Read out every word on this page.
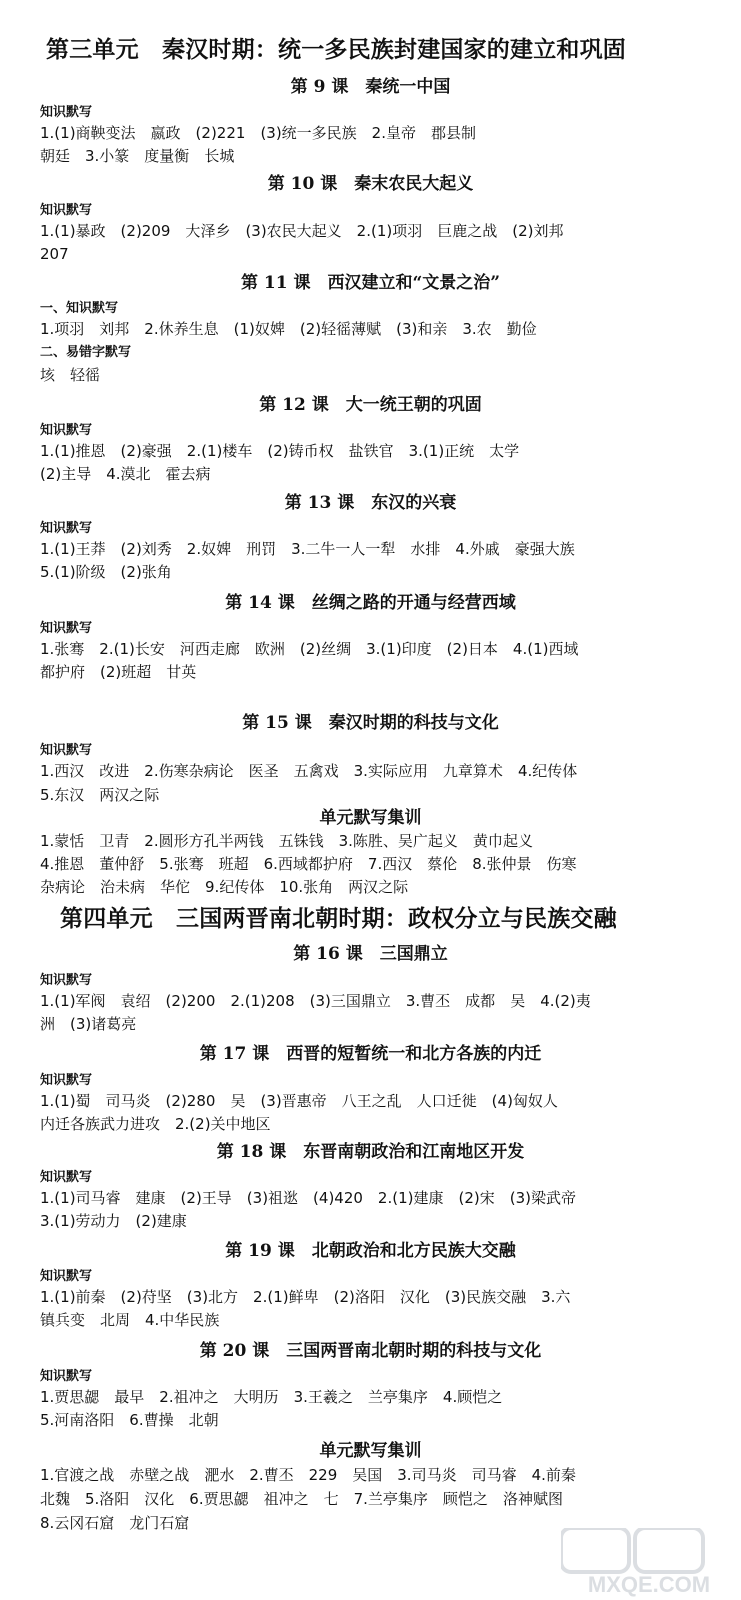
第三单元　秦汉时期：统一多民族封建国家的建立和巩固
第 9 课　秦统一中国
知识默写
1.(1)商鞅变法　嬴政　(2)221　(3)统一多民族　2.皇帝　郡县制
朝廷　3.小篆　度量衡　长城
第 10 课　秦末农民大起义
知识默写
1.(1)暴政　(2)209　大泽乡　(3)农民大起义　2.(1)项羽　巨鹿之战　(2)刘邦
207
第 11 课　西汉建立和“文景之治”
一、知识默写
1.项羽　刘邦　2.休养生息　(1)奴婢　(2)轻徭薄赋　(3)和亲　3.农　勤俭
二、易错字默写
垓　轻徭
第 12 课　大一统王朝的巩固
知识默写
1.(1)推恩　(2)豪强　2.(1)楼车　(2)铸币权　盐铁官　3.(1)正统　太学
(2)主导　4.漠北　霍去病
第 13 课　东汉的兴衰
知识默写
1.(1)王莽　(2)刘秀　2.奴婢　刑罚　3.二牛一人一犁　水排　4.外戚　豪强大族
5.(1)阶级　(2)张角
第 14 课　丝绸之路的开通与经营西域
知识默写
1.张骞　2.(1)长安　河西走廊　欧洲　(2)丝绸　3.(1)印度　(2)日本　4.(1)西域
都护府　(2)班超　甘英
第 15 课　秦汉时期的科技与文化
知识默写
1.西汉　改进　2.伤寒杂病论　医圣　五禽戏　3.实际应用　九章算术　4.纪传体
5.东汉　两汉之际
单元默写集训
1.蒙恬　卫青　2.圆形方孔半两钱　五铢钱　3.陈胜、吴广起义　黄巾起义
4.推恩　董仲舒　5.张骞　班超　6.西域都护府　7.西汉　蔡伦　8.张仲景　伤寒
杂病论　治未病　华佗　9.纪传体　10.张角　两汉之际
第四单元　三国两晋南北朝时期：政权分立与民族交融
第 16 课　三国鼎立
知识默写
1.(1)军阀　袁绍　(2)200　2.(1)208　(3)三国鼎立　3.曹丕　成都　吴　4.(2)夷
洲　(3)诸葛亮
第 17 课　西晋的短暂统一和北方各族的内迁
知识默写
1.(1)蜀　司马炎　(2)280　吴　(3)晋惠帝　八王之乱　人口迁徙　(4)匈奴人
内迁各族武力进攻　2.(2)关中地区
第 18 课　东晋南朝政治和江南地区开发
知识默写
1.(1)司马睿　建康　(2)王导　(3)祖逖　(4)420　2.(1)建康　(2)宋　(3)梁武帝
3.(1)劳动力　(2)建康
第 19 课　北朝政治和北方民族大交融
知识默写
1.(1)前秦　(2)苻坚　(3)北方　2.(1)鲜卑　(2)洛阳　汉化　(3)民族交融　3.六
镇兵变　北周　4.中华民族
第 20 课　三国两晋南北朝时期的科技与文化
知识默写
1.贾思勰　最早　2.祖冲之　大明历　3.王羲之　兰亭集序　4.顾恺之
5.河南洛阳　6.曹操　北朝
单元默写集训
1.官渡之战　赤壁之战　淝水　2.曹丕　229　吴国　3.司马炎　司马睿　4.前秦
北魏　5.洛阳　汉化　6.贾思勰　祖冲之　七　7.兰亭集序　顾恺之　洛神赋图
8.云冈石窟　龙门石窟
MXQE.COM
